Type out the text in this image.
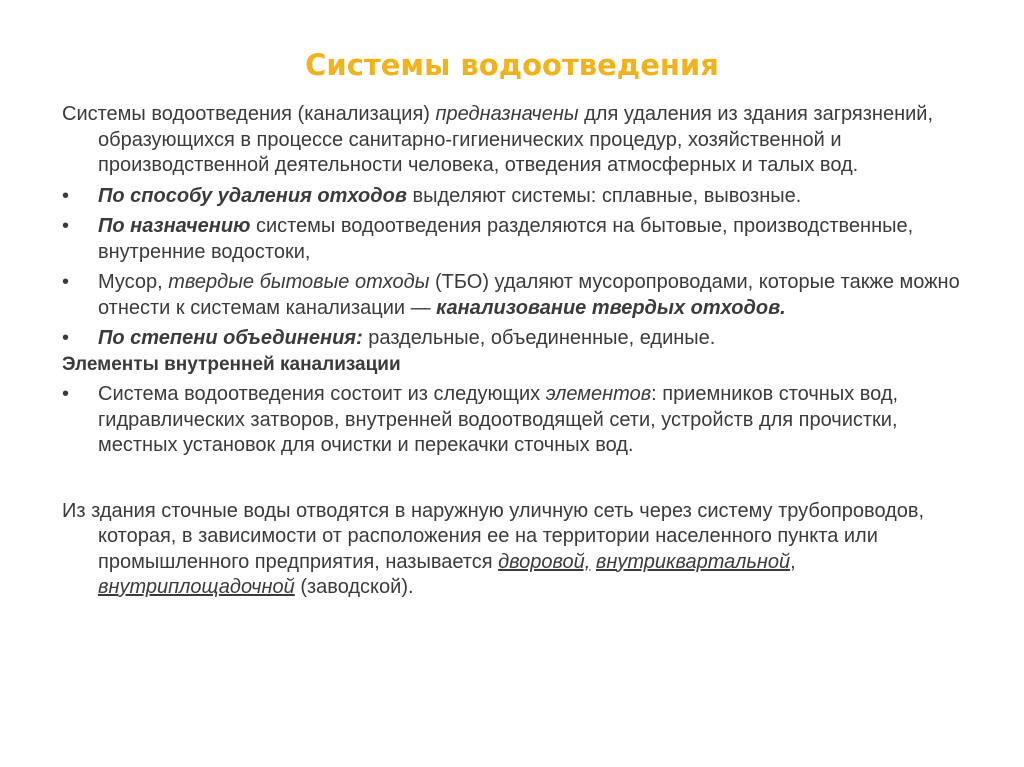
Системы водоотведения

Системы водоотведения (канализация) предназначены для удаления из здания загрязнений, образующихся в процессе санитарно-гигиенических процедур, хозяйственной и производственной деятельности человека, отведения атмосферных и талых вод.

•	По способу удаления отходов выделяют системы: сплавные, вывозные.

•	По назначению системы водоотведения разделяются на бытовые, производственные, внутренние водостоки,

•	Мусор, твердые бытовые отходы (ТБО) удаляют мусоропроводами, которые также можно отнести к системам канализации — канализование твердых отходов.

•	По степени объединения: раздельные, объединенные, единые.

Элементы внутренней канализации

•	Система водоотведения состоит из следующих элементов: приемников сточных вод, гидравлических затворов, внутренней водоотводящей сети, устройств для прочистки, местных установок для очистки и перекачки сточных вод.

Из здания сточные воды отводятся в наружную уличную сеть через систему трубопроводов, которая, в зависимости от расположения ее на территории населенного пункта или промышленного предприятия, называется дворовой, внутриквартальной, внутриплощадочной (заводской).
